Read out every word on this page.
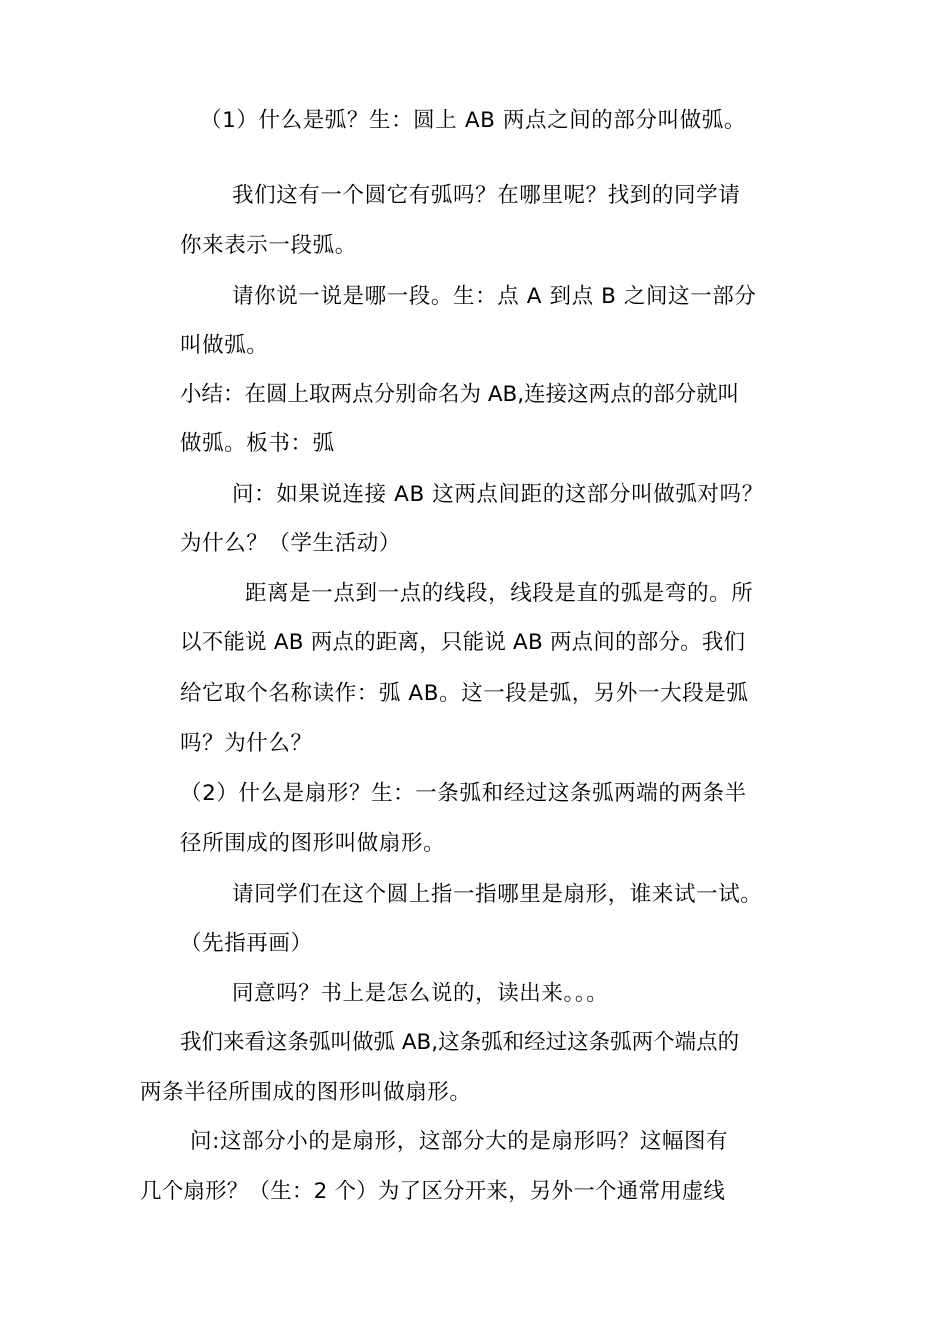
（1）什么是弧？生：圆上 AB 两点之间的部分叫做弧。
我们这有一个圆它有弧吗？在哪里呢？找到的同学请
你来表示一段弧。
请你说一说是哪一段。生：点 A 到点 B 之间这一部分
叫做弧。
小结：在圆上取两点分别命名为 AB,连接这两点的部分就叫
做弧。板书：弧
问：如果说连接 AB 这两点间距的这部分叫做弧对吗？
为什么？（学生活动）
距离是一点到一点的线段，线段是直的弧是弯的。所
以不能说 AB 两点的距离，只能说 AB 两点间的部分。我们
给它取个名称读作：弧 AB。这一段是弧，另外一大段是弧
吗？为什么？
（2）什么是扇形？生：一条弧和经过这条弧两端的两条半
径所围成的图形叫做扇形。
请同学们在这个圆上指一指哪里是扇形，谁来试一试。
（先指再画）
同意吗？书上是怎么说的，读出来。。。
我们来看这条弧叫做弧 AB,这条弧和经过这条弧两个端点的
两条半径所围成的图形叫做扇形。
问:这部分小的是扇形，这部分大的是扇形吗？这幅图有
几个扇形？（生：2 个）为了区分开来，另外一个通常用虚线
